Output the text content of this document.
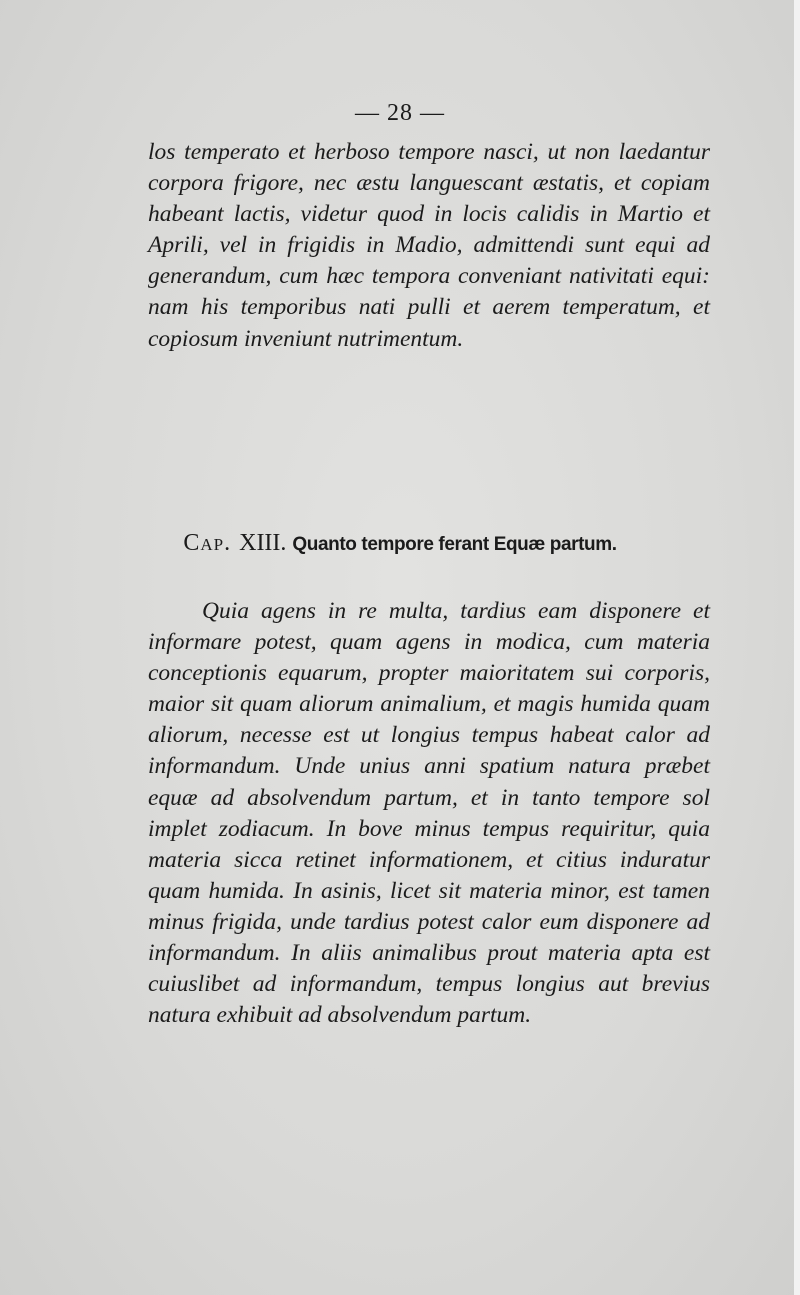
— 28 —

los temperato et herboso tempore nasci, ut non laedantur corpora frigore, nec æstu languescant æstatis, et copiam habeant lactis, videtur quod in locis calidis in Martio et Aprili, vel in frigidis in Madio, admittendi sunt equi ad generandum, cum hæc tempora conveniant nativitati equi: nam his temporibus nati pulli et aerem temperatum, et copiosum inveniunt nutrimentum.

Cap. XIII. Quanto tempore ferant Equæ partum.

Quia agens in re multa, tardius eam disponere et informare potest, quam agens in modica, cum materia conceptionis equarum, propter maioritatem sui corporis, maior sit quam aliorum animalium, et magis humida quam aliorum, necesse est ut longius tempus habeat calor ad informandum. Unde unius anni spatium natura præbet equæ ad absolvendum partum, et in tanto tempore sol implet zodiacum. In bove minus tempus requiritur, quia materia sicca retinet informationem, et citius induratur quam humida. In asinis, licet sit materia minor, est tamen minus frigida, unde tardius potest calor eum disponere ad informandum. In aliis animalibus prout materia apta est cuiuslibet ad informandum, tempus longius aut brevius natura exhibuit ad absolvendum partum.
